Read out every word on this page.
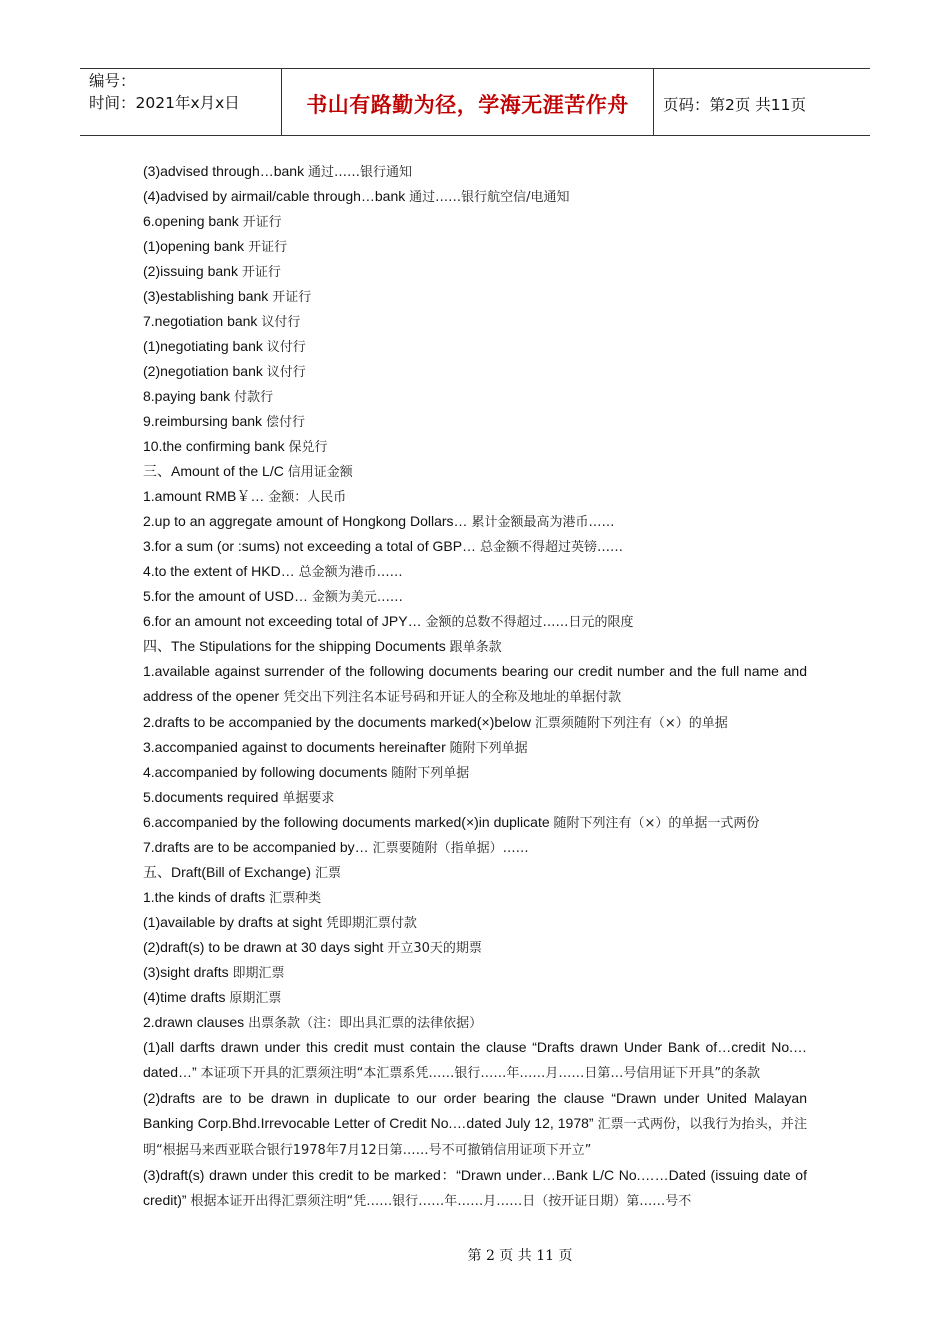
编号：
时间：2021年x月x日	书山有路勤为径，学海无涯苦作舟	页码：第2页 共11页
(3)advised through…bank 通过……银行通知
(4)advised by airmail/cable through…bank 通过……银行航空信/电通知
6.opening bank 开证行
(1)opening bank 开证行
(2)issuing bank 开证行
(3)establishing bank 开证行
7.negotiation bank 议付行
(1)negotiating bank 议付行
(2)negotiation bank 议付行
8.paying bank 付款行
9.reimbursing bank 偿付行
10.the confirming bank 保兑行
三、Amount of the L/C 信用证金额
1.amount RMB￥… 金额：人民币
2.up to an aggregate amount of Hongkong Dollars… 累计金额最高为港币……
3.for a sum (or :sums) not exceeding a total of GBP… 总金额不得超过英镑……
4.to the extent of HKD… 总金额为港币……
5.for the amount of USD… 金额为美元……
6.for an amount not exceeding total of JPY… 金额的总数不得超过……日元的限度
四、The Stipulations for the shipping Documents 跟单条款
1.available against surrender of the following documents bearing our credit number and the full name and address of the opener 凭交出下列注名本证号码和开证人的全称及地址的单据付款
2.drafts to be accompanied by the documents marked(×)below 汇票须随附下列注有（×）的单据
3.accompanied against to documents hereinafter 随附下列单据
4.accompanied by following documents 随附下列单据
5.documents required 单据要求
6.accompanied by the following documents marked(×)in duplicate 随附下列注有（×）的单据一式两份
7.drafts are to be accompanied by… 汇票要随附（指单据）……
五、Draft(Bill of Exchange) 汇票
1.the kinds of drafts 汇票种类
(1)available by drafts at sight 凭即期汇票付款
(2)draft(s) to be drawn at 30 days sight 开立30天的期票
(3)sight drafts 即期汇票
(4)time drafts 原期汇票
2.drawn clauses 出票条款（注：即出具汇票的法律依据）
(1)all darfts drawn under this credit must contain the clause “Drafts drawn Under Bank of…credit No.…dated…” 本证项下开具的汇票须注明“本汇票系凭……银行……年……月……日第…号信用证下开具”的条款
(2)drafts are to be drawn in duplicate to our order bearing the clause “Drawn under United Malayan Banking Corp.Bhd.Irrevocable Letter of Credit No.…dated July 12, 1978” 汇票一式两份，以我行为抬头，并注明“根据马来西亚联合银行1978年7月12日第……号不可撤销信用证项下开立”
(3)draft(s) drawn under this credit to be marked：“Drawn under…Bank L/C No.……Dated (issuing date of credit)” 根据本证开出得汇票须注明“凭……银行……年……月……日（按开证日期）第……号不
第 2 页 共 11 页
